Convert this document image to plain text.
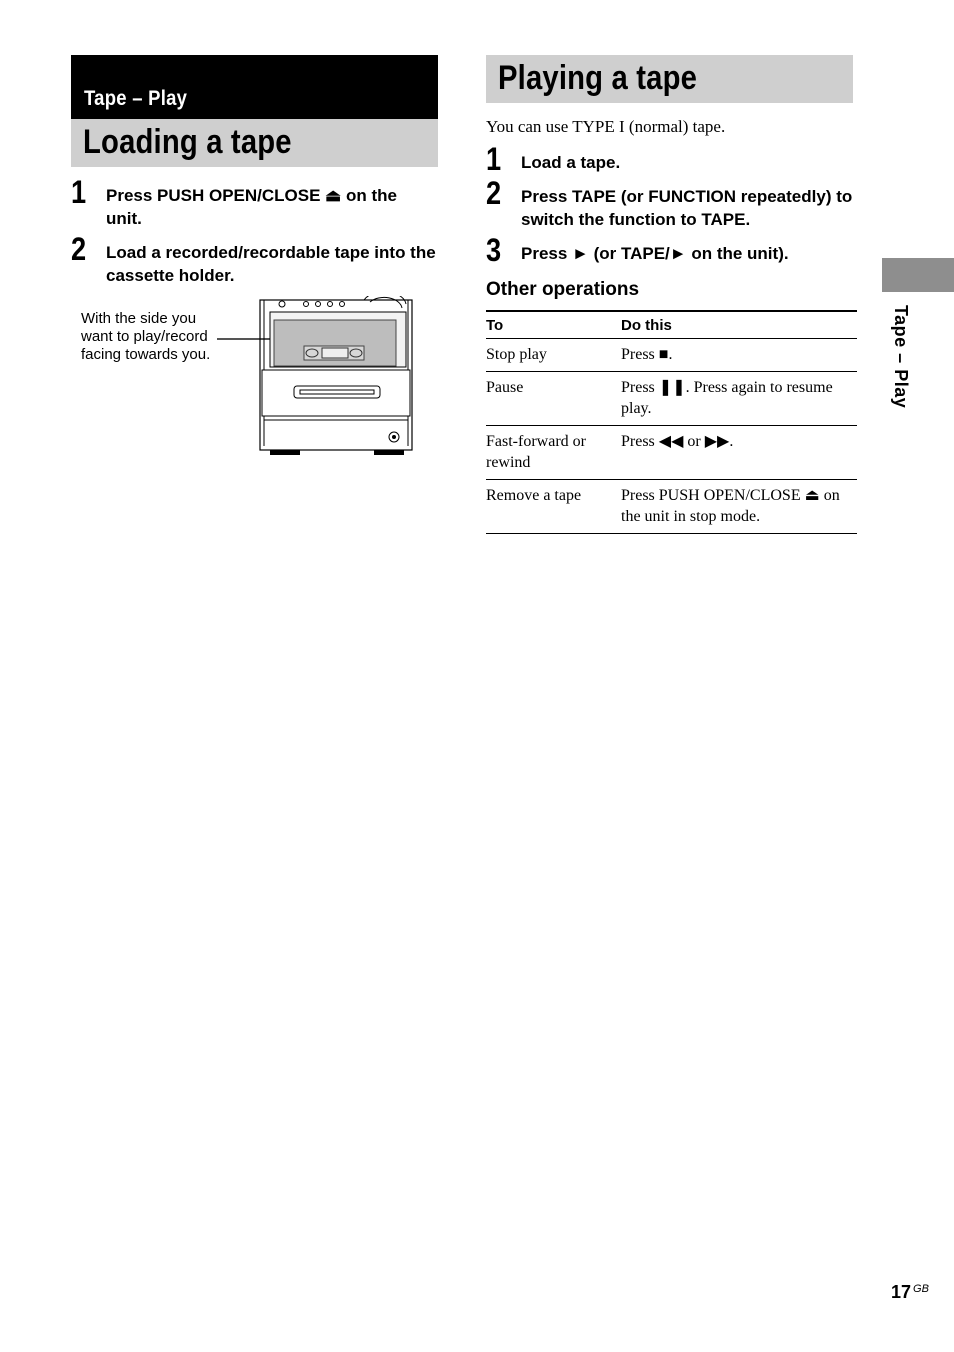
Tape – Play
Loading a tape
1 Press PUSH OPEN/CLOSE ⏏ on the unit.
2 Load a recorded/recordable tape into the cassette holder.
With the side you want to play/record facing towards you.
Playing a tape
You can use TYPE I (normal) tape.
1 Load a tape.
2 Press TAPE (or FUNCTION repeatedly) to switch the function to TAPE.
3 Press ► (or TAPE/► on the unit).
Other operations
To	Do this
Stop play	Press ■.
Pause	Press ❚❚. Press again to resume play.
Fast-forward or rewind	Press ◀◀ or ▶▶.
Remove a tape	Press PUSH OPEN/CLOSE ⏏ on the unit in stop mode.
Tape – Play
17 $^{GB}$
